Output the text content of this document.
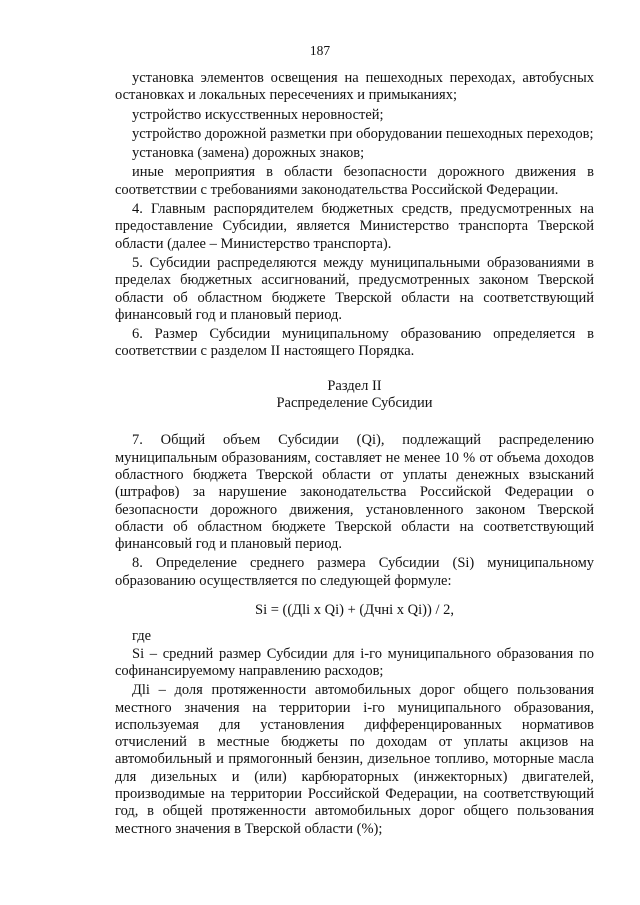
187

установка элементов освещения на пешеходных переходах, автобусных остановках и локальных пересечениях и примыканиях;

устройство искусственных неровностей;

устройство дорожной разметки при оборудовании пешеходных переходов;

установка (замена) дорожных знаков;

иные мероприятия в области безопасности дорожного движения в соответствии с требованиями законодательства Российской Федерации.

4. Главным распорядителем бюджетных средств, предусмотренных на предоставление Субсидии, является Министерство транспорта Тверской области (далее – Министерство транспорта).

5. Субсидии распределяются между муниципальными образованиями в пределах бюджетных ассигнований, предусмотренных законом Тверской области об областном бюджете Тверской области на соответствующий финансовый год и плановый период.

6. Размер Субсидии муниципальному образованию определяется в соответствии с разделом II настоящего Порядка.

Раздел II

Распределение Субсидии

7. Общий объем Субсидии (Qi), подлежащий распределению муниципальным образованиям, составляет не менее 10 % от объема доходов областного бюджета Тверской области от уплаты денежных взысканий (штрафов) за нарушение законодательства Российской Федерации о безопасности дорожного движения, установленного законом Тверской области об областном бюджете Тверской области на соответствующий финансовый год и плановый период.

8. Определение среднего размера Субсидии (Si) муниципальному образованию осуществляется по следующей формуле:

Si = ((Дli x Qi) + (Дчні x Qi)) / 2,

где

Si – средний размер Субсидии для i-го муниципального образования по софинансируемому направлению расходов;

Дli – доля протяженности автомобильных дорог общего пользования местного значения на территории i-го муниципального образования, используемая для установления дифференцированных нормативов отчислений в местные бюджеты по доходам от уплаты акцизов на автомобильный и прямогонный бензин, дизельное топливо, моторные масла для дизельных и (или) карбюраторных (инжекторных) двигателей, производимые на территории Российской Федерации, на соответствующий год, в общей протяженности автомобильных дорог общего пользования местного значения в Тверской области (%);
